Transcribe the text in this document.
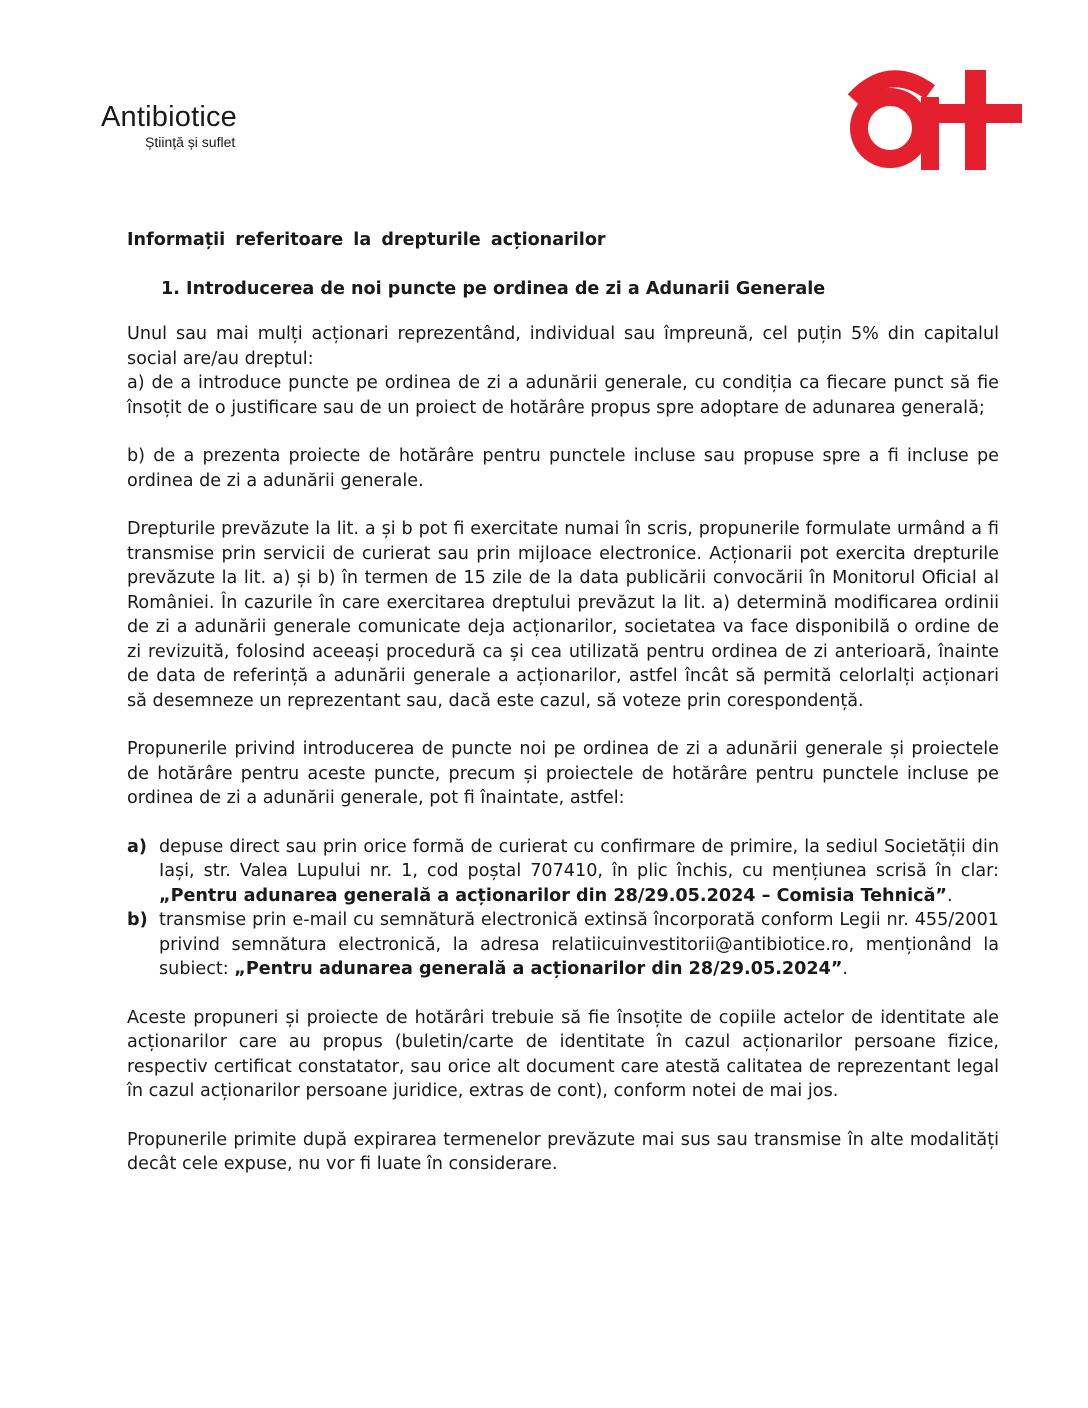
Antibiotice
Știință și suflet
Informații referitoare la drepturile acționarilor
1. Introducerea de noi puncte pe ordinea de zi a Adunarii Generale

Unul sau mai mulți acționari reprezentând, individual sau împreună, cel puțin 5% din capitalul social are/au dreptul:

a) de a introduce puncte pe ordinea de zi a adunării generale, cu condiția ca fiecare punct să fie însoțit de o justificare sau de un proiect de hotărâre propus spre adoptare de adunarea generală;

b) de a prezenta proiecte de hotărâre pentru punctele incluse sau propuse spre a fi incluse pe ordinea de zi a adunării generale.

Drepturile prevăzute la lit. a și b pot fi exercitate numai în scris, propunerile formulate urmând a fi transmise prin servicii de curierat sau prin mijloace electronice. Acționarii pot exercita drepturile prevăzute la lit. a) și b) în termen de 15 zile de la data publicării convocării în Monitorul Oficial al României. În cazurile în care exercitarea dreptului prevăzut la lit. a) determină modificarea ordinii de zi a adunării generale comunicate deja acționarilor, societatea va face disponibilă o ordine de zi revizuită, folosind aceeași procedură ca și cea utilizată pentru ordinea de zi anterioară, înainte de data de referință a adunării generale a acționarilor, astfel încât să permită celorlalți acționari să desemneze un reprezentant sau, dacă este cazul, să voteze prin corespondență.

Propunerile privind introducerea de puncte noi pe ordinea de zi a adunării generale și proiectele de hotărâre pentru aceste puncte, precum și proiectele de hotărâre pentru punctele incluse pe ordinea de zi a adunării generale, pot fi înaintate, astfel:

a) depuse direct sau prin orice formă de curierat cu confirmare de primire, la sediul Societății din Iași, str. Valea Lupului nr. 1, cod poștal 707410, în plic închis, cu mențiunea scrisă în clar: „Pentru adunarea generală a acționarilor din 28/29.05.2024 – Comisia Tehnică”.
b) transmise prin e-mail cu semnătură electronică extinsă încorporată conform Legii nr. 455/2001 privind semnătura electronică, la adresa relatiicuinvestitorii@antibiotice.ro, menționând la subiect: „Pentru adunarea generală a acționarilor din 28/29.05.2024”.

Aceste propuneri și proiecte de hotărâri trebuie să fie însoțite de copiile actelor de identitate ale acționarilor care au propus (buletin/carte de identitate în cazul acționarilor persoane fizice, respectiv certificat constatator, sau orice alt document care atestă calitatea de reprezentant legal în cazul acționarilor persoane juridice, extras de cont), conform notei de mai jos.

Propunerile primite după expirarea termenelor prevăzute mai sus sau transmise în alte modalități decât cele expuse, nu vor fi luate în considerare.
